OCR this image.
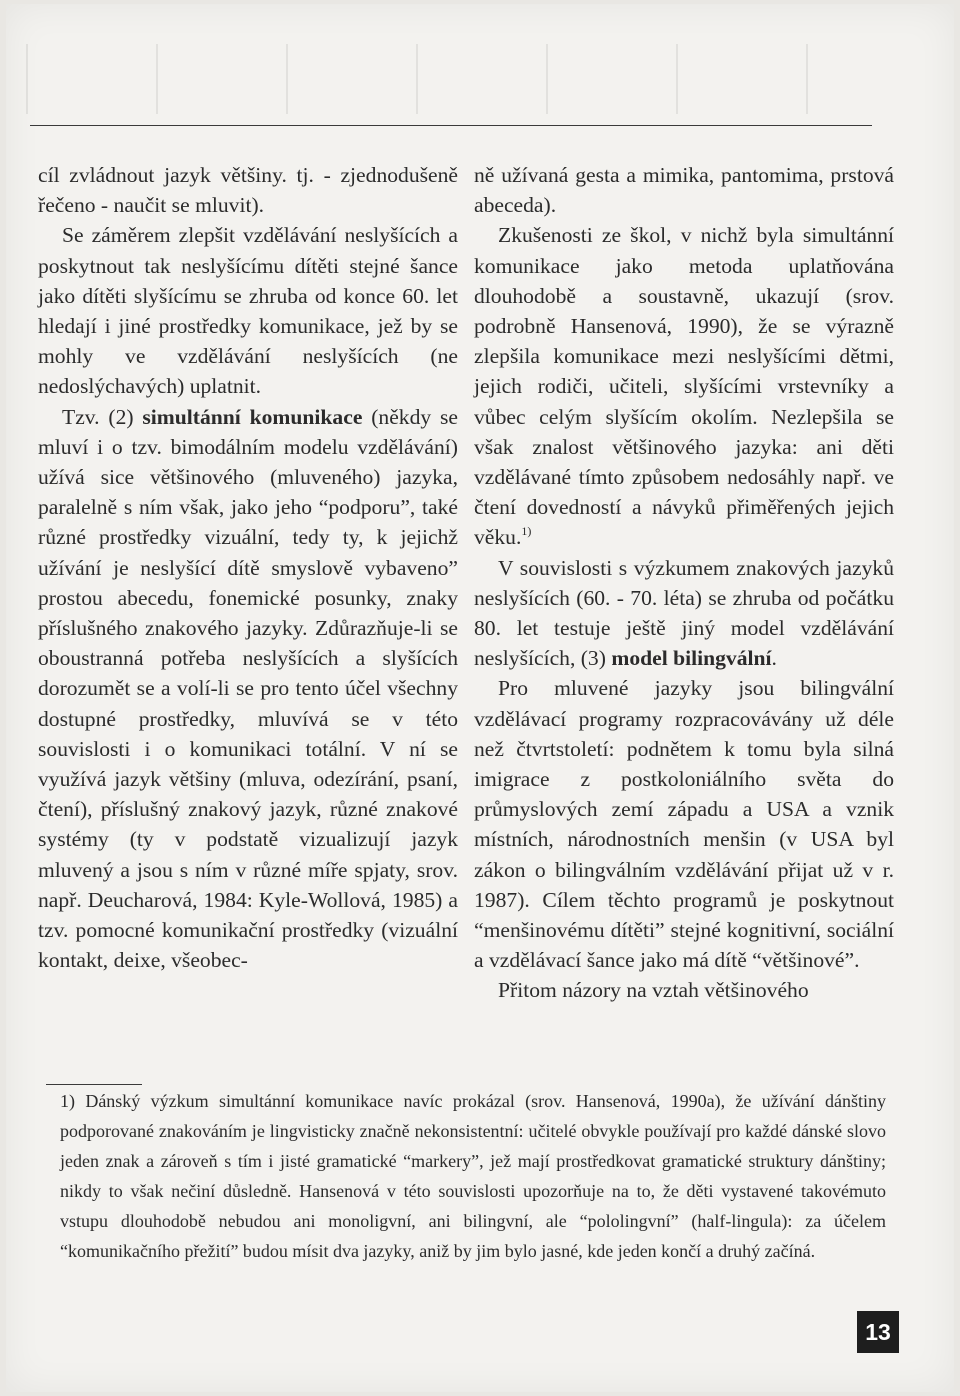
cíl zvládnout jazyk většiny. tj. - zjednodušeně řečeno - naučit se mluvit).

Se záměrem zlepšit vzdělávání neslyšících a poskytnout tak neslyšícímu dítěti stejné šance jako dítěti slyšícímu se zhruba od konce 60. let hledají i jiné prostředky komunikace, jež by se mohly ve vzdělávání neslyšících (ne nedoslýchavých) uplatnit.

Tzv. (2) simultánní komunikace (někdy se mluví i o tzv. bimodálním modelu vzdělávání) užívá sice většinového (mluveného) jazyka, paralelně s ním však, jako jeho “podporu”, také různé prostředky vizuální, tedy ty, k jejichž užívání je neslyšící dítě smyslově vybaveno” prostou abecedu, fonemické posunky, znaky příslušného znakového jazyky. Zdůrazňuje-li se oboustranná potřeba neslyšících a slyšících dorozumět se a volí-li se pro tento účel všechny dostupné prostředky, mluvívá se v této souvislosti i o komunikaci totální. V ní se využívá jazyk většiny (mluva, odezírání, psaní, čtení), příslušný znakový jazyk, různé znakové systémy (ty v podstatě vizualizují jazyk mluvený a jsou s ním v různé míře spjaty, srov. např. Deucharová, 1984: Kyle-Wollová, 1985) a tzv. pomocné komunikační prostředky (vizuální kontakt, deixe, všeobec-

ně užívaná gesta a mimika, pantomima, prstová abeceda).

Zkušenosti ze škol, v nichž byla simultánní komunikace jako metoda uplatňována dlouhodobě a soustavně, ukazují (srov. podrobně Hansenová, 1990), že se výrazně zlepšila komunikace mezi neslyšícími dětmi, jejich rodiči, učiteli, slyšícími vrstevníky a vůbec celým slyšícím okolím. Nezlepšila se však znalost většinového jazyka: ani děti vzdělávané tímto způsobem nedosáhly např. ve čtení dovedností a návyků přiměřených jejich věku.$^{1)}$

V souvislosti s výzkumem znakových jazyků neslyšících (60. - 70. léta) se zhruba od počátku 80. let testuje ještě jiný model vzdělávání neslyšících, (3) model bilingvální.

Pro mluvené jazyky jsou bilingvální vzdělávací programy rozpracovávány už déle než čtvrtstoletí: podnětem k tomu byla silná imigrace z postkoloniálního světa do průmyslových zemí západu a USA a vznik místních, národnostních menšin (v USA byl zákon o bilingválním vzdělávání přijat už v r. 1987). Cílem těchto programů je poskytnout “menšinovému dítěti” stejné kognitivní, sociální a vzdělávací šance jako má dítě “většinové”.

Přitom názory na vztah většinového

1) Dánský výzkum simultánní komunikace navíc prokázal (srov. Hansenová, 1990a), že užívání dánštiny podporované znakováním je lingvisticky značně nekonsistentní: učitelé obvykle používají pro každé dánské slovo jeden znak a zároveň s tím i jisté gramatické “markery”, jež mají prostředkovat gramatické struktury dánštiny; nikdy to však nečiní důsledně. Hansenová v této souvislosti upozorňuje na to, že děti vystavené takovémuto vstupu dlouhodobě nebudou ani monoligvní, ani bilingvní, ale “pololingvní” (half-lingula): za účelem “komunikačního přežití” budou mísit dva jazyky, aniž by jim bylo jasné, kde jeden končí a druhý začíná.

13
